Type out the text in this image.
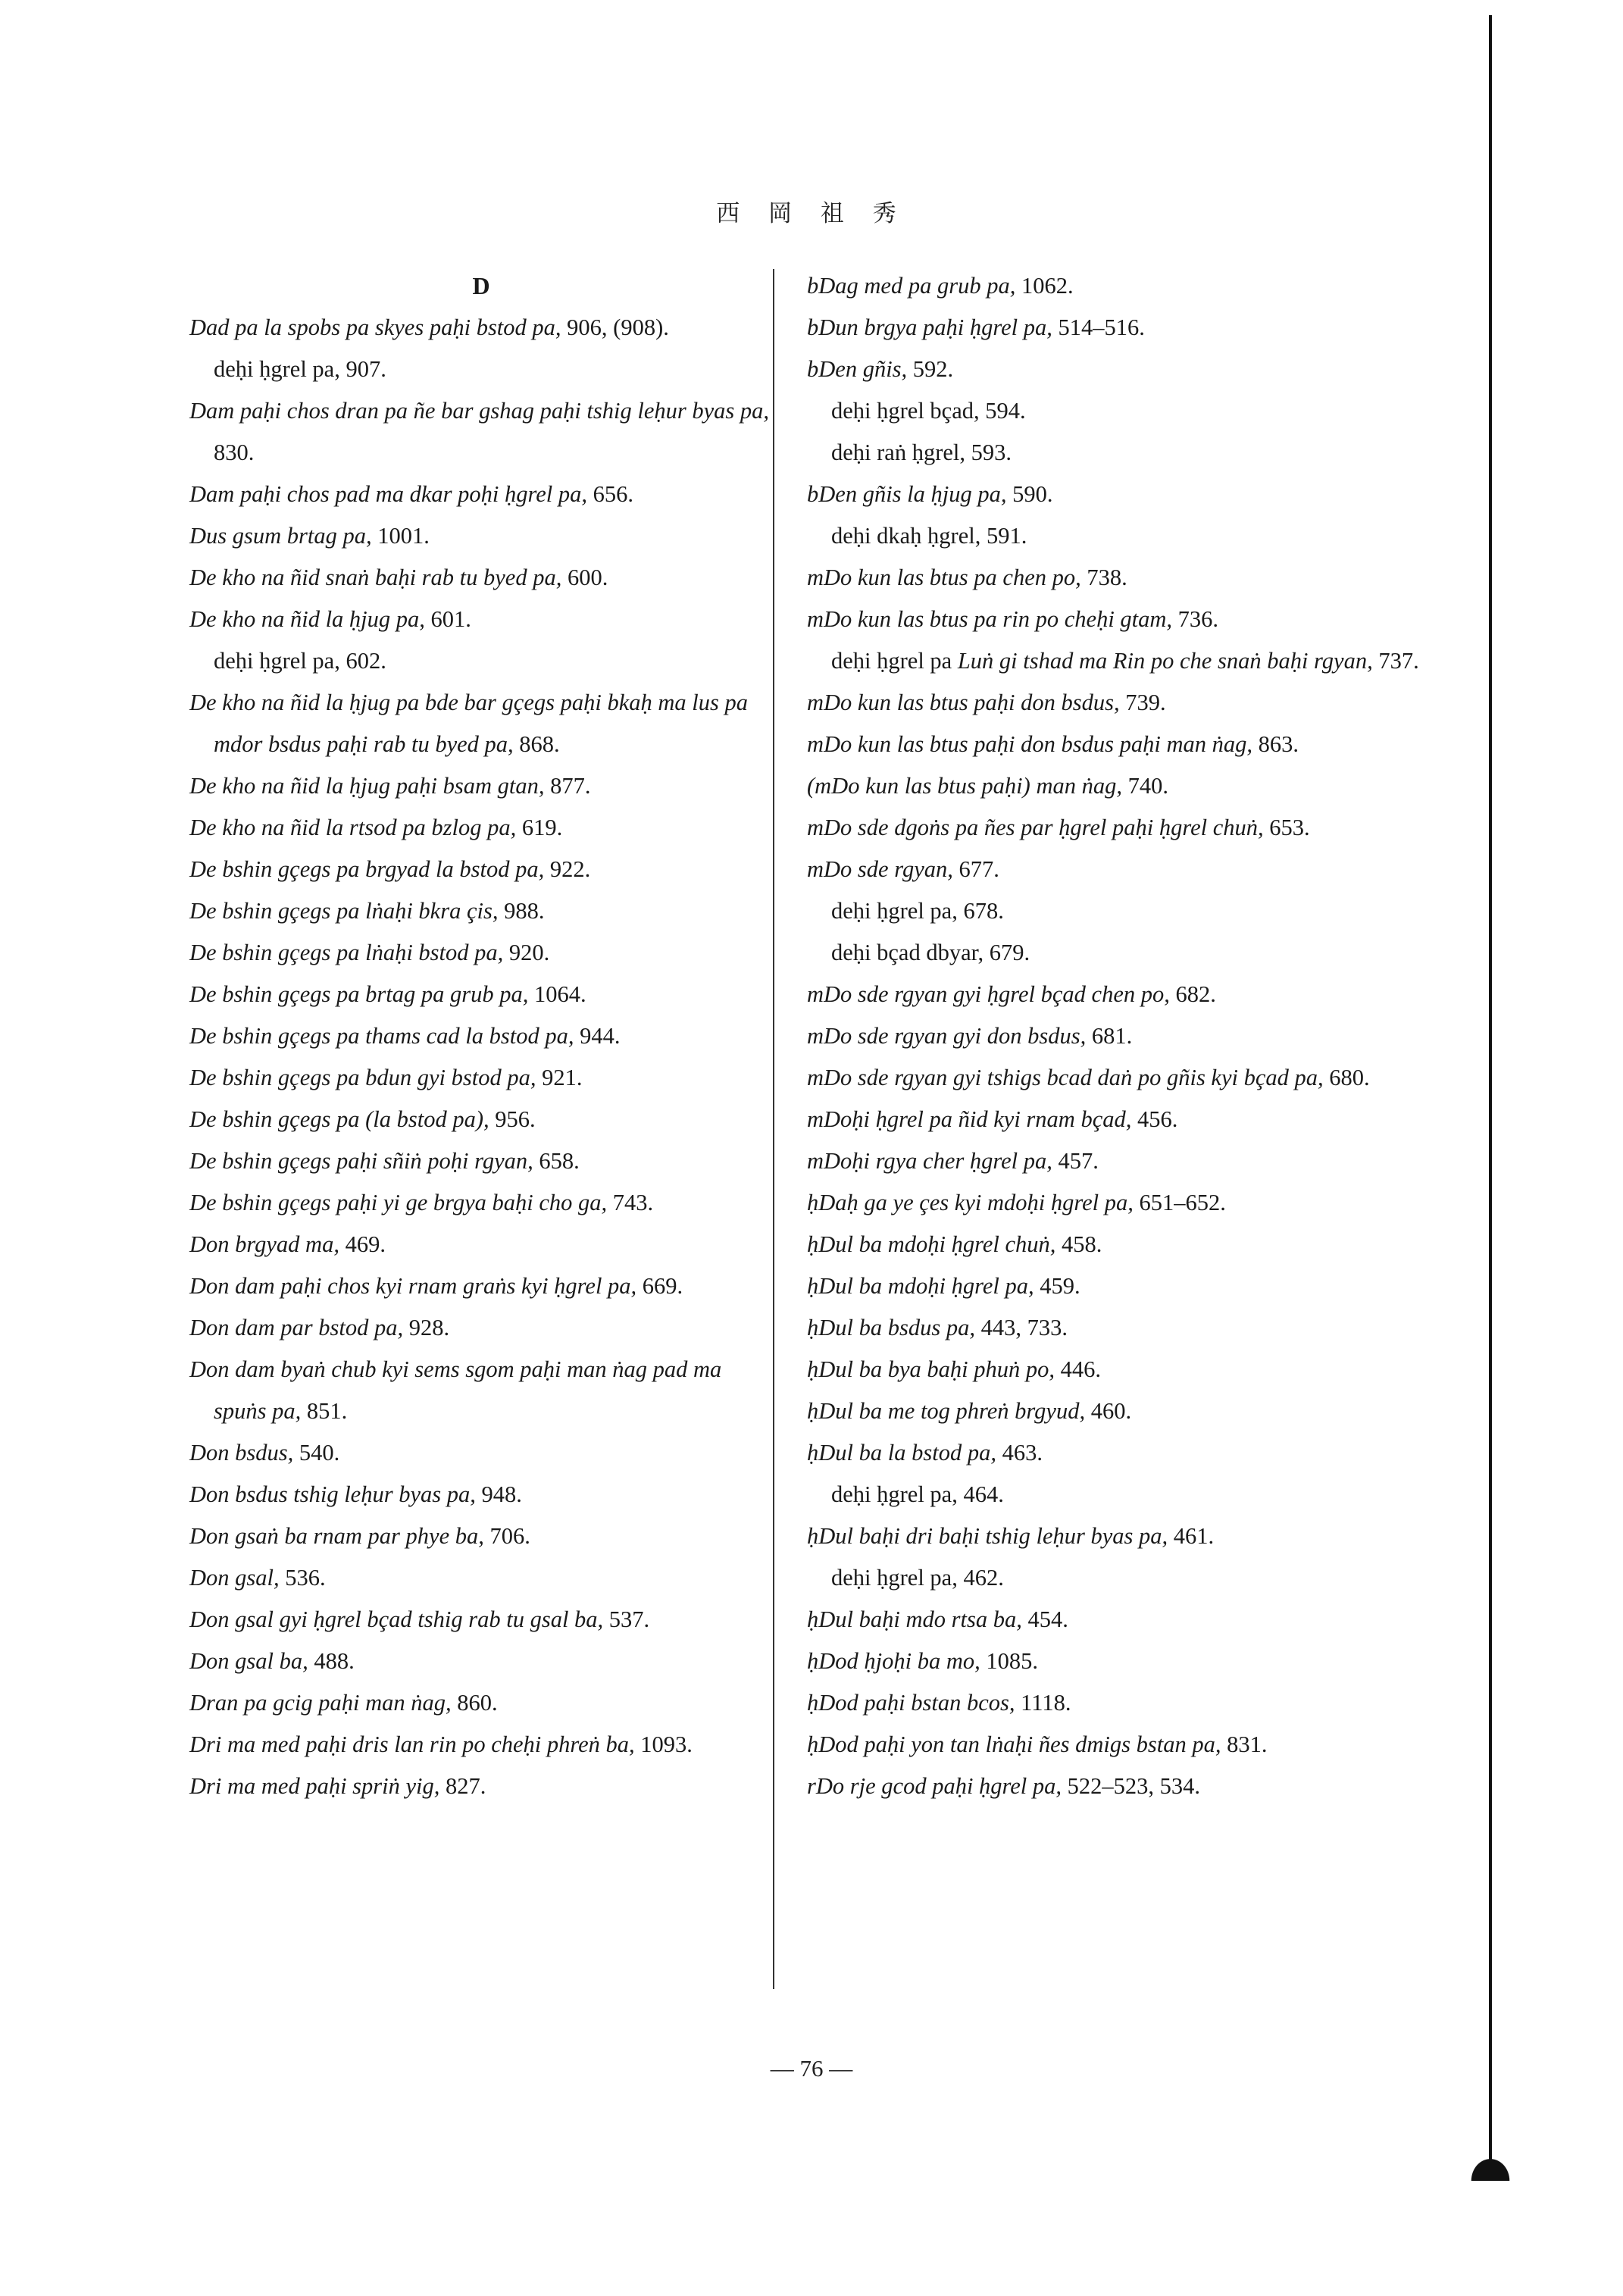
西 岡 祖 秀
D
Dad pa la spobs pa skyes paḥi bstod pa, 906, (908).
deḥi ḥgrel pa, 907.
Dam paḥi chos dran pa ñe bar gshag paḥi tshig leḥur byas pa, 830.
Dam paḥi chos pad ma dkar poḥi ḥgrel pa, 656.
Dus gsum brtag pa, 1001.
De kho na ñid snaṅ baḥi rab tu byed pa, 600.
De kho na ñid la ḥjug pa, 601.
deḥi ḥgrel pa, 602.
De kho na ñid la ḥjug pa bde bar gçegs paḥi bkaḥ ma lus pa mdor bsdus paḥi rab tu byed pa, 868.
De kho na ñid la ḥjug paḥi bsam gtan, 877.
De kho na ñid la rtsod pa bzlog pa, 619.
De bshin gçegs pa brgyad la bstod pa, 922.
De bshin gçegs pa lṅaḥi bkra çis, 988.
De bshin gçegs pa lṅaḥi bstod pa, 920.
De bshin gçegs pa brtag pa grub pa, 1064.
De bshin gçegs pa thams cad la bstod pa, 944.
De bshin gçegs pa bdun gyi bstod pa, 921.
De bshin gçegs pa (la bstod pa), 956.
De bshin gçegs paḥi sñiṅ poḥi rgyan, 658.
De bshin gçegs paḥi yi ge brgya baḥi cho ga, 743.
Don brgyad ma, 469.
Don dam paḥi chos kyi rnam graṅs kyi ḥgrel pa, 669.
Don dam par bstod pa, 928.
Don dam byaṅ chub kyi sems sgom paḥi man ṅag pad ma spuṅs pa, 851.
Don bsdus, 540.
Don bsdus tshig leḥur byas pa, 948.
Don gsaṅ ba rnam par phye ba, 706.
Don gsal, 536.
Don gsal gyi ḥgrel bçad tshig rab tu gsal ba, 537.
Don gsal ba, 488.
Dran pa gcig paḥi man ṅag, 860.
Dri ma med paḥi dris lan rin po cheḥi phreṅ ba, 1093.
Dri ma med paḥi spriṅ yig, 827.
bDag med pa grub pa, 1062.
bDun brgya paḥi ḥgrel pa, 514–516.
bDen gñis, 592.
deḥi ḥgrel bçad, 594.
deḥi raṅ ḥgrel, 593.
bDen gñis la ḥjug pa, 590.
deḥi dkaḥ ḥgrel, 591.
mDo kun las btus pa chen po, 738.
mDo kun las btus pa rin po cheḥi gtam, 736.
deḥi ḥgrel pa Luṅ gi tshad ma Rin po che snaṅ baḥi rgyan, 737.
mDo kun las btus paḥi don bsdus, 739.
mDo kun las btus paḥi don bsdus paḥi man ṅag, 863.
(mDo kun las btus paḥi) man ṅag, 740.
mDo sde dgoṅs pa ñes par ḥgrel paḥi ḥgrel chuṅ, 653.
mDo sde rgyan, 677.
deḥi ḥgrel pa, 678.
deḥi bçad dbyar, 679.
mDo sde rgyan gyi ḥgrel bçad chen po, 682.
mDo sde rgyan gyi don bsdus, 681.
mDo sde rgyan gyi tshigs bcad daṅ po gñis kyi bçad pa, 680.
mDoḥi ḥgrel pa ñid kyi rnam bçad, 456.
mDoḥi rgya cher ḥgrel pa, 457.
ḥDaḥ ga ye çes kyi mdoḥi ḥgrel pa, 651–652.
ḥDul ba mdoḥi ḥgrel chuṅ, 458.
ḥDul ba mdoḥi ḥgrel pa, 459.
ḥDul ba bsdus pa, 443, 733.
ḥDul ba bya baḥi phuṅ po, 446.
ḥDul ba me tog phreṅ brgyud, 460.
ḥDul ba la bstod pa, 463.
deḥi ḥgrel pa, 464.
ḥDul baḥi dri baḥi tshig leḥur byas pa, 461.
deḥi ḥgrel pa, 462.
ḥDul baḥi mdo rtsa ba, 454.
ḥDod ḥjoḥi ba mo, 1085.
ḥDod paḥi bstan bcos, 1118.
ḥDod paḥi yon tan lṅaḥi ñes dmigs bstan pa, 831.
rDo rje gcod paḥi ḥgrel pa, 522–523, 534.
— 76 —
